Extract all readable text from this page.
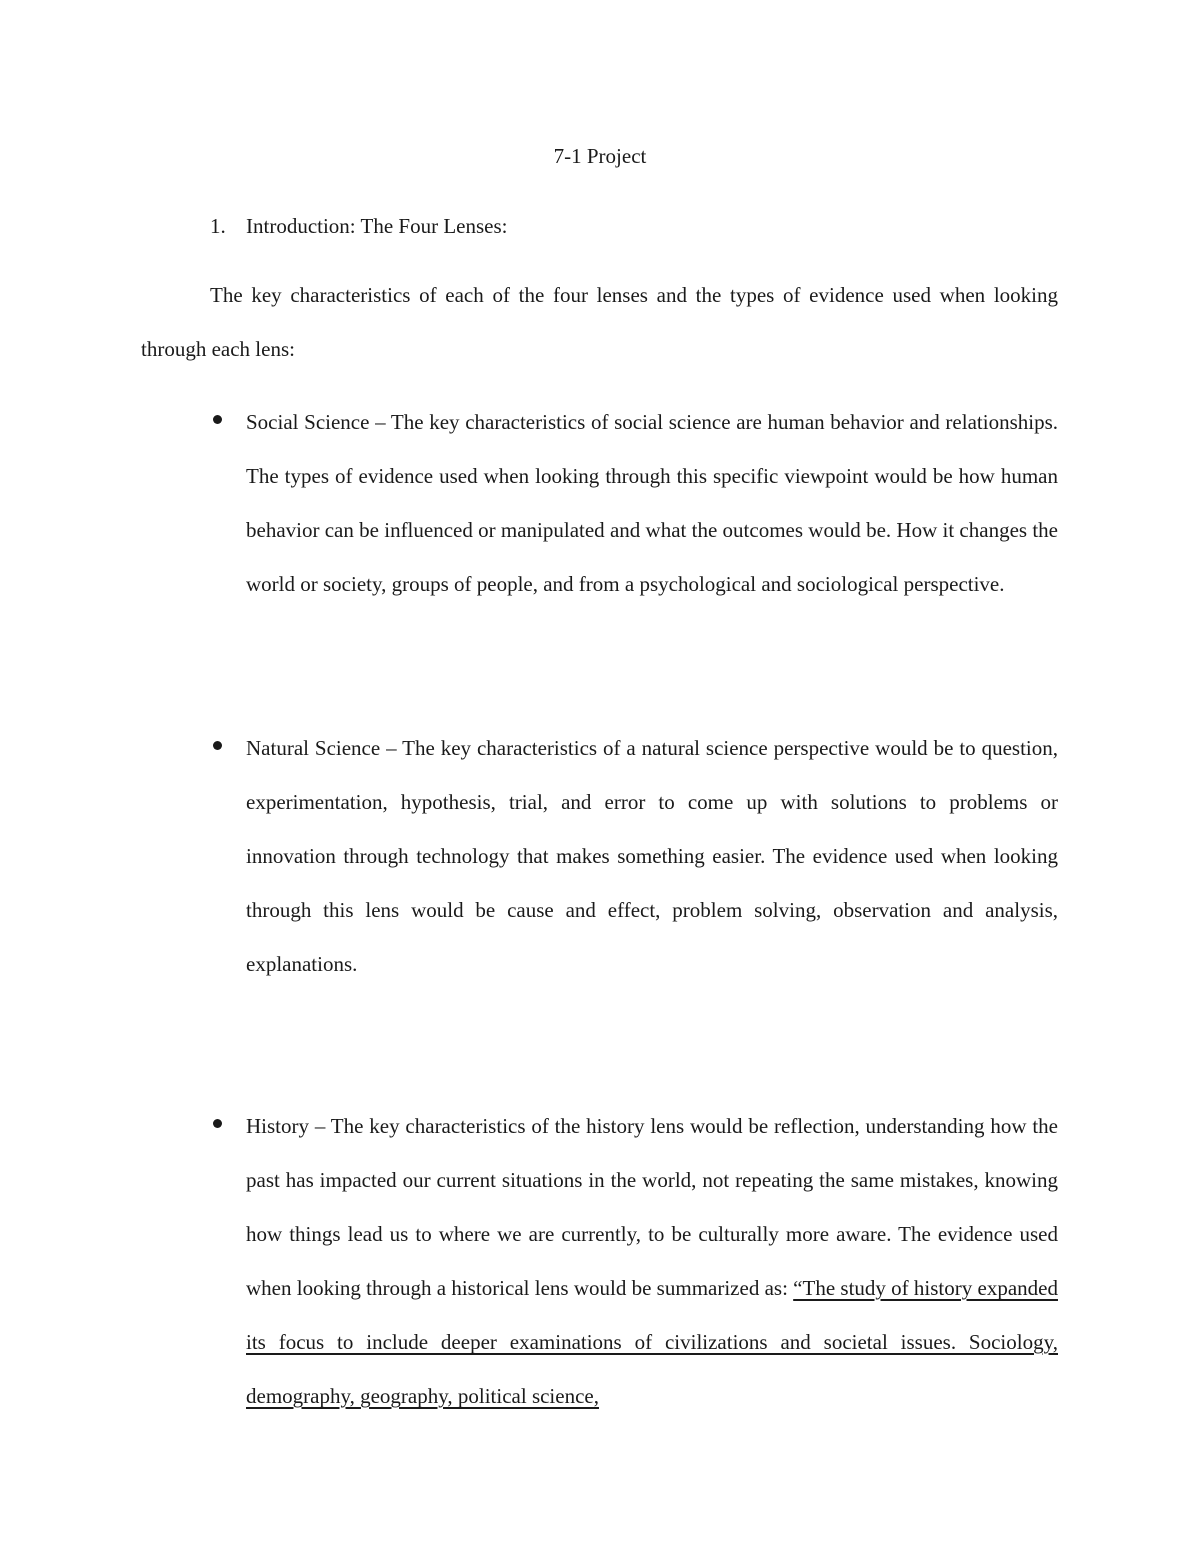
7-1 Project
1. Introduction: The Four Lenses:
The key characteristics of each of the four lenses and the types of evidence used when looking through each lens:
Social Science – The key characteristics of social science are human behavior and relationships. The types of evidence used when looking through this specific viewpoint would be how human behavior can be influenced or manipulated and what the outcomes would be. How it changes the world or society, groups of people, and from a psychological and sociological perspective.
Natural Science – The key characteristics of a natural science perspective would be to question, experimentation, hypothesis, trial, and error to come up with solutions to problems or innovation through technology that makes something easier. The evidence used when looking through this lens would be cause and effect, problem solving, observation and analysis, explanations.
History – The key characteristics of the history lens would be reflection, understanding how the past has impacted our current situations in the world, not repeating the same mistakes, knowing how things lead us to where we are currently, to be culturally more aware. The evidence used when looking through a historical lens would be summarized as: “The study of history expanded its focus to include deeper examinations of civilizations and societal issues. Sociology, demography, geography, political science,
